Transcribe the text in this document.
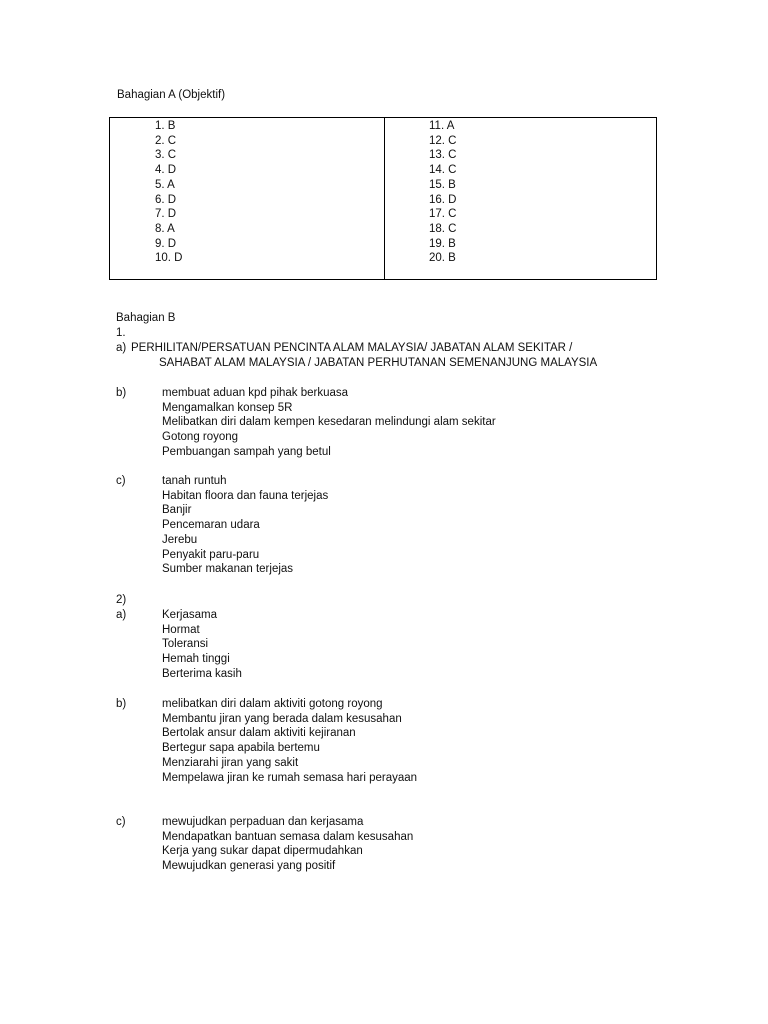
Bahagian A (Objektif)
1. B
2. C
3. C
4. D
5. A
6. D
7. D
8. A
9. D
10. D
11. A
12. C
13. C
14. C
15. B
16. D
17. C
18. C
19. B
20. B
Bahagian B
1.
a) PERHILITAN/PERSATUAN PENCINTA ALAM MALAYSIA/ JABATAN ALAM SEKITAR /
SAHABAT ALAM MALAYSIA / JABATAN PERHUTANAN SEMENANJUNG MALAYSIA
b)	membuat aduan kpd pihak berkuasa
Mengamalkan konsep 5R
Melibatkan diri dalam kempen kesedaran melindungi alam sekitar
Gotong royong
Pembuangan sampah yang betul
c)	tanah runtuh
Habitan floora dan fauna terjejas
Banjir
Pencemaran udara
Jerebu
Penyakit paru-paru
Sumber makanan terjejas
2)
a)	Kerjasama
Hormat
Toleransi
Hemah tinggi
Berterima kasih
b)	melibatkan diri dalam aktiviti gotong royong
Membantu jiran yang berada dalam kesusahan
Bertolak ansur dalam aktiviti kejiranan
Bertegur sapa apabila bertemu
Menziarahi jiran yang sakit
Mempelawa jiran ke rumah semasa hari perayaan
c)	mewujudkan perpaduan dan kerjasama
Mendapatkan bantuan semasa dalam kesusahan
Kerja yang sukar dapat dipermudahkan
Mewujudkan generasi yang positif
